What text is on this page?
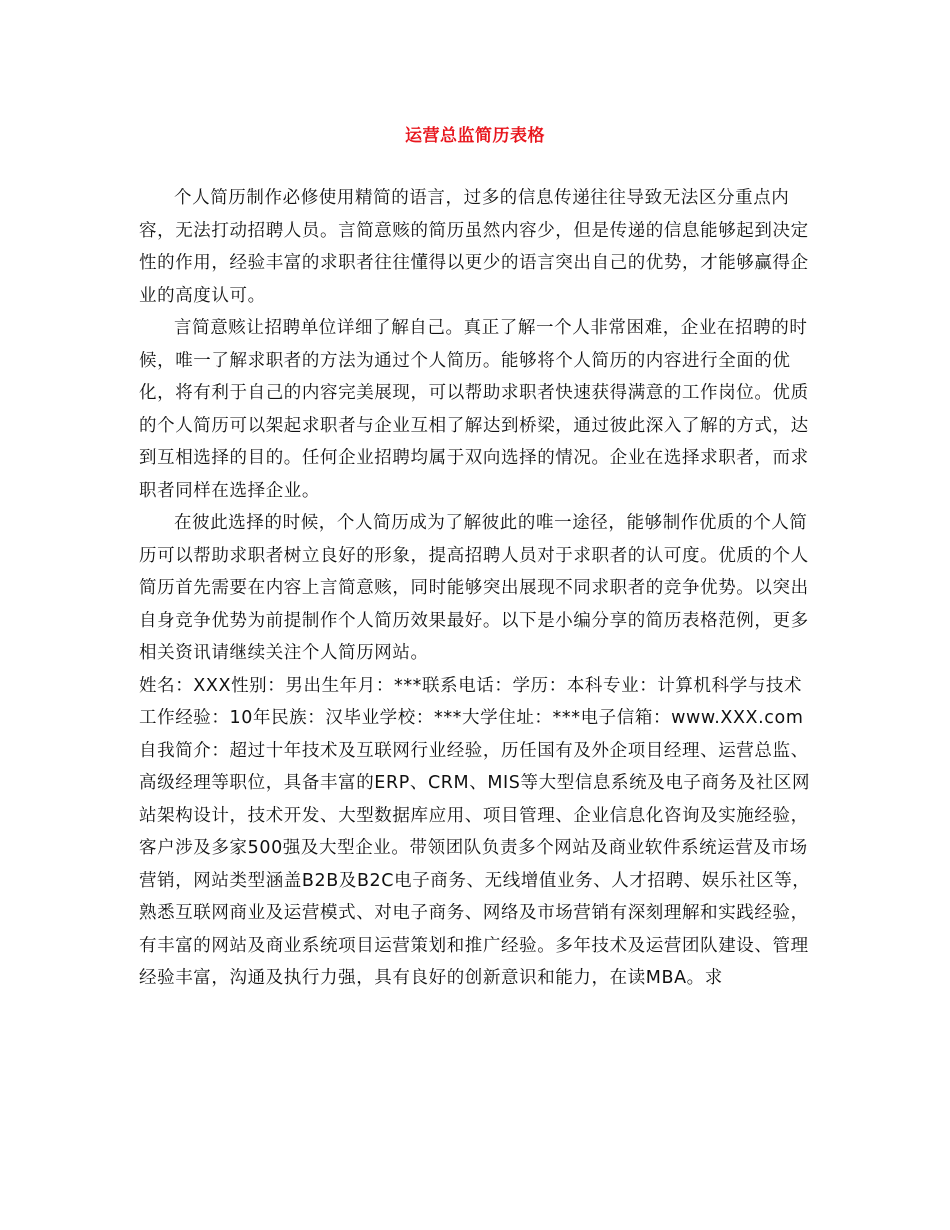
运营总监简历表格

个人简历制作必修使用精简的语言，过多的信息传递往往导致无法区分重点内容，无法打动招聘人员。言简意赅的简历虽然内容少，但是传递的信息能够起到决定性的作用，经验丰富的求职者往往懂得以更少的语言突出自己的优势，才能够赢得企业的高度认可。

言简意赅让招聘单位详细了解自己。真正了解一个人非常困难，企业在招聘的时候，唯一了解求职者的方法为通过个人简历。能够将个人简历的内容进行全面的优化，将有利于自己的内容完美展现，可以帮助求职者快速获得满意的工作岗位。优质的个人简历可以架起求职者与企业互相了解达到桥梁，通过彼此深入了解的方式，达到互相选择的目的。任何企业招聘均属于双向选择的情况。企业在选择求职者，而求职者同样在选择企业。

在彼此选择的时候，个人简历成为了解彼此的唯一途径，能够制作优质的个人简历可以帮助求职者树立良好的形象，提高招聘人员对于求职者的认可度。优质的个人简历首先需要在内容上言简意赅，同时能够突出展现不同求职者的竞争优势。以突出自身竞争优势为前提制作个人简历效果最好。以下是小编分享的简历表格范例，更多相关资讯请继续关注个人简历网站。

姓名：XXX性别：男出生年月：***联系电话：学历：本科专业：计算机科学与技术工作经验：10年民族：汉毕业学校：***大学住址：***电子信箱：www.XXX.com

自我简介：超过十年技术及互联网行业经验，历任国有及外企项目经理、运营总监、高级经理等职位，具备丰富的ERP、CRM、MIS等大型信息系统及电子商务及社区网站架构设计，技术开发、大型数据库应用、项目管理、企业信息化咨询及实施经验，客户涉及多家500强及大型企业。带领团队负责多个网站及商业软件系统运营及市场营销，网站类型涵盖B2B及B2C电子商务、无线增值业务、人才招聘、娱乐社区等，熟悉互联网商业及运营模式、对电子商务、网络及市场营销有深刻理解和实践经验，有丰富的网站及商业系统项目运营策划和推广经验。多年技术及运营团队建设、管理经验丰富，沟通及执行力强，具有良好的创新意识和能力，在读MBA。求
